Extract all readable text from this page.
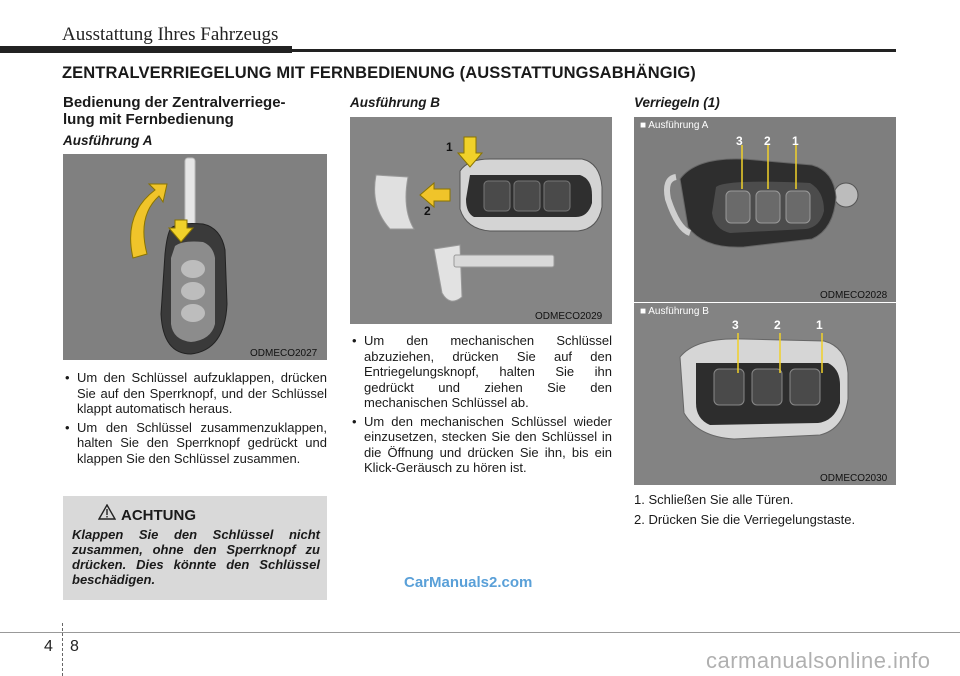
Ausstattung Ihres Fahrzeugs
ZENTRALVERRIEGELUNG MIT FERNBEDIENUNG (AUSSTATTUNGSABHÄNGIG)
Bedienung der Zentralverriege-
lung mit Fernbedienung
Ausführung A
ODMECO2027
• Um den Schlüssel aufzuklappen, drücken Sie auf den Sperrknopf, und der Schlüssel klappt automatisch heraus.
• Um den Schlüssel zusammenzuklappen, halten Sie den Sperrknopf gedrückt und klappen Sie den Schlüssel zusammen.
ACHTUNG
Klappen Sie den Schlüssel nicht zusammen, ohne den Sperrknopf zu drücken. Dies könnte den Schlüssel beschädigen.	CarManuals2.com
Ausführung B
1
2
ODMECO2029
• Um den mechanischen Schlüssel abzuziehen, drücken Sie auf den Entriegelungsknopf, halten Sie ihn gedrückt und ziehen Sie den mechanischen Schlüssel ab.
• Um den mechanischen Schlüssel wieder einzusetzen, stecken Sie den Schlüssel in die Öffnung und drücken Sie ihn, bis ein Klick-Geräusch zu hören ist.
Verriegeln (1)
■ Ausführung A
3 2 1
ODMECO2028
■ Ausführung B
3	2	1
ODMECO2030
1. Schließen Sie alle Türen.
2. Drücken Sie die Verriegelungstaste.
4 8
carmanualsonline.info
